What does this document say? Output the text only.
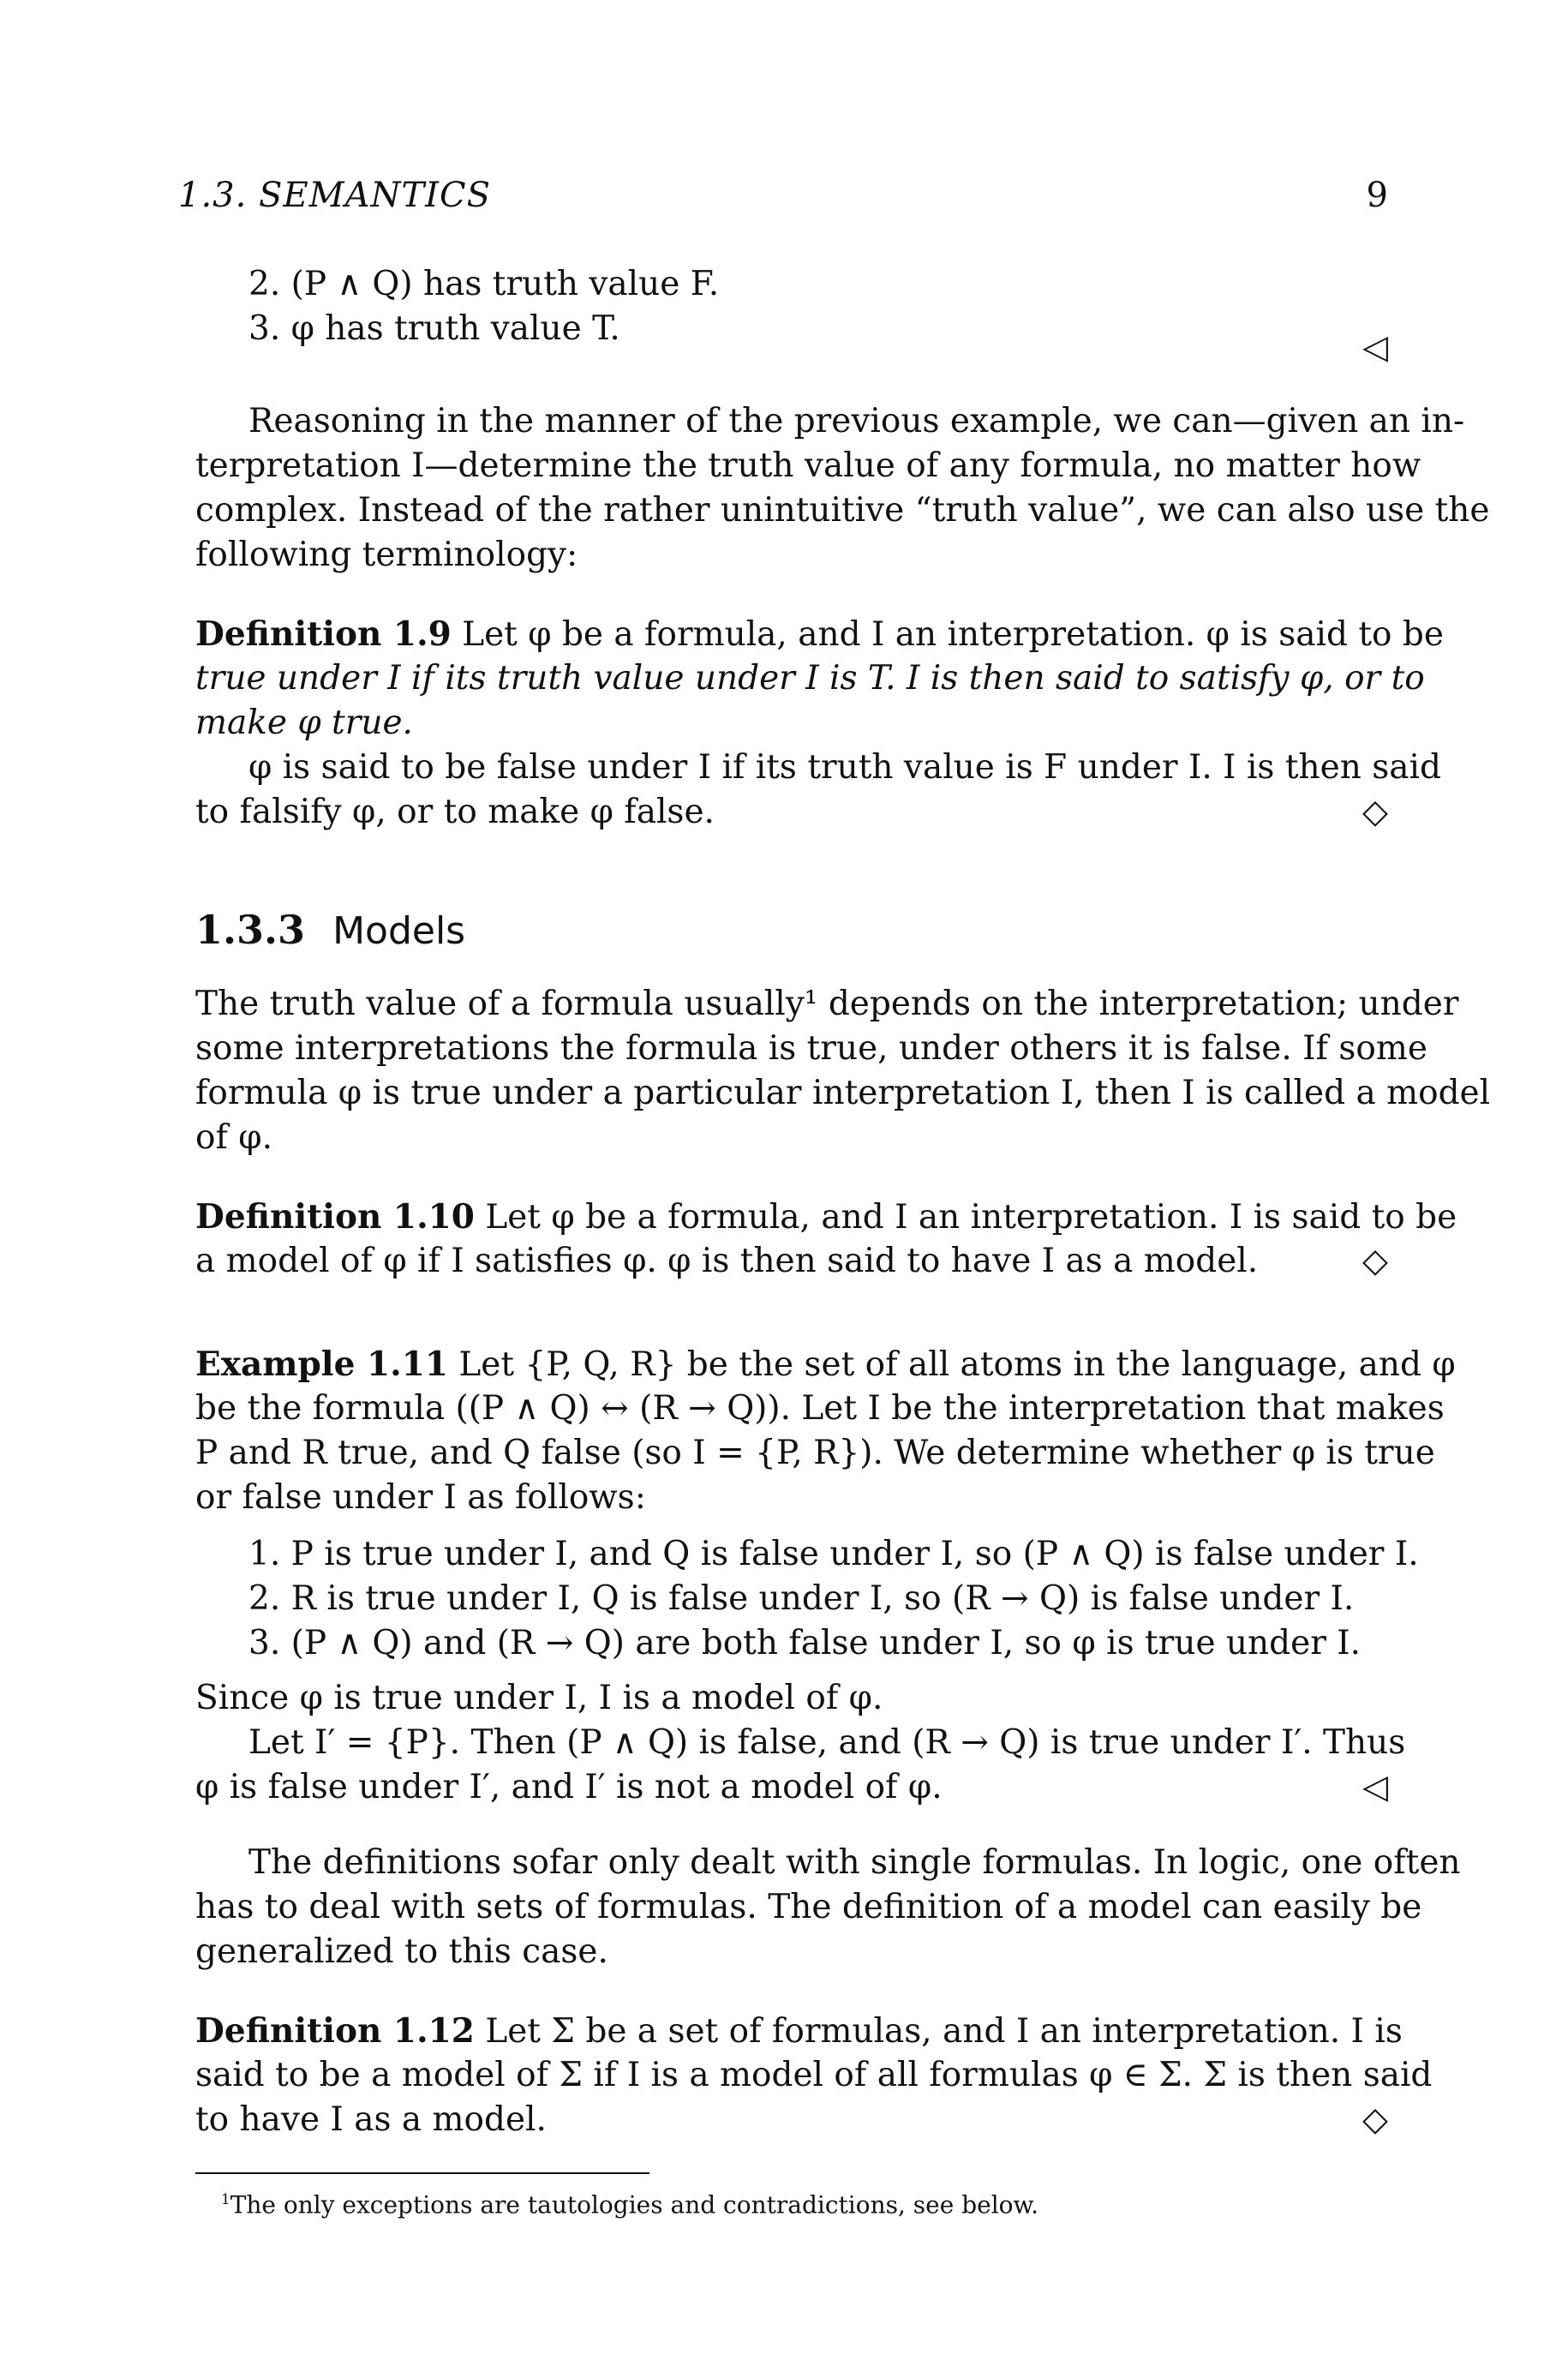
1.3. SEMANTICS	9
2. (P ∧ Q) has truth value F.
3. φ has truth value T.	◁
Reasoning in the manner of the previous example, we can—given an in-
terpretation I—determine the truth value of any formula, no matter how
complex. Instead of the rather unintuitive “truth value”, we can also use the
following terminology:
Definition 1.9 Let φ be a formula, and I an interpretation. φ is said to be
true under I if its truth value under I is T. I is then said to satisfy φ, or to
make φ true.
φ is said to be false under I if its truth value is F under I. I is then said
to falsify φ, or to make φ false.	◇
1.3.3 Models
The truth value of a formula usually¹ depends on the interpretation; under
some interpretations the formula is true, under others it is false. If some
formula φ is true under a particular interpretation I, then I is called a model
of φ.
Definition 1.10 Let φ be a formula, and I an interpretation. I is said to be
a model of φ if I satisfies φ. φ is then said to have I as a model.	◇
Example 1.11 Let {P, Q, R} be the set of all atoms in the language, and φ
be the formula ((P ∧ Q) ↔ (R → Q)). Let I be the interpretation that makes
P and R true, and Q false (so I = {P, R}). We determine whether φ is true
or false under I as follows:
1. P is true under I, and Q is false under I, so (P ∧ Q) is false under I.
2. R is true under I, Q is false under I, so (R → Q) is false under I.
3. (P ∧ Q) and (R → Q) are both false under I, so φ is true under I.
Since φ is true under I, I is a model of φ.
Let I′ = {P}. Then (P ∧ Q) is false, and (R → Q) is true under I′. Thus
φ is false under I′, and I′ is not a model of φ.	◁
The definitions sofar only dealt with single formulas. In logic, one often
has to deal with sets of formulas. The definition of a model can easily be
generalized to this case.
Definition 1.12 Let Σ be a set of formulas, and I an interpretation. I is
said to be a model of Σ if I is a model of all formulas φ ∈ Σ. Σ is then said
to have I as a model.	◇
$^1$The only exceptions are tautologies and contradictions, see below.
